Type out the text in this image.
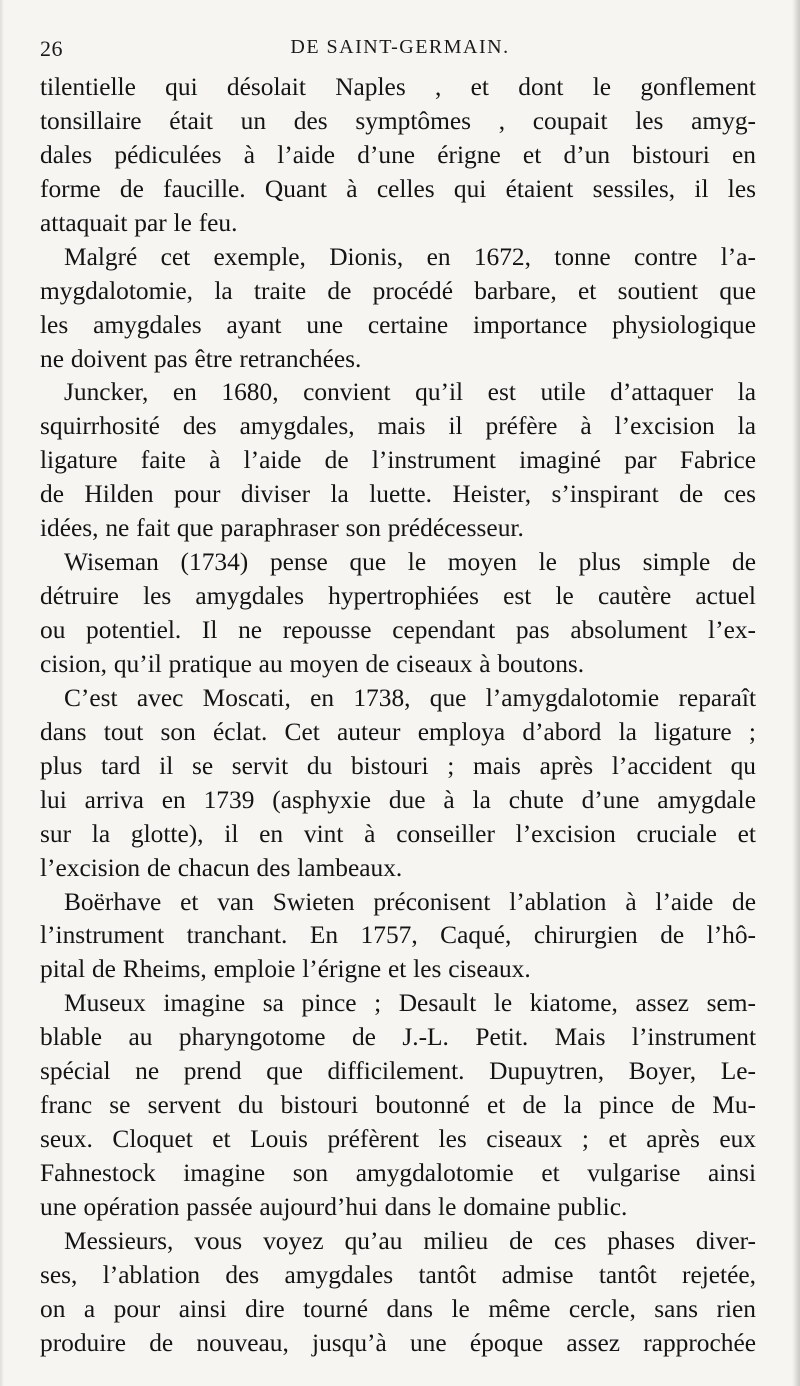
26	DE SAINT-GERMAIN.
tilentielle qui désolait Naples , et dont le gonflement
tonsillaire était un des symptômes , coupait les amyg-
dales pédiculées à l’aide d’une érigne et d’un bistouri en
forme de faucille. Quant à celles qui étaient sessiles, il les
attaquait par le feu.
Malgré cet exemple, Dionis, en 1672, tonne contre l’a-
mygdalotomie, la traite de procédé barbare, et soutient que
les amygdales ayant une certaine importance physiologique
ne doivent pas être retranchées.
Juncker, en 1680, convient qu’il est utile d’attaquer la
squirrhosité des amygdales, mais il préfère à l’excision la
ligature faite à l’aide de l’instrument imaginé par Fabrice
de Hilden pour diviser la luette. Heister, s’inspirant de ces
idées, ne fait que paraphraser son prédécesseur.
Wiseman (1734) pense que le moyen le plus simple de
détruire les amygdales hypertrophiées est le cautère actuel
ou potentiel. Il ne repousse cependant pas absolument l’ex-
cision, qu’il pratique au moyen de ciseaux à boutons.
C’est avec Moscati, en 1738, que l’amygdalotomie reparaît
dans tout son éclat. Cet auteur employa d’abord la ligature ;
plus tard il se servit du bistouri ; mais après l’accident qu
lui arriva en 1739 (asphyxie due à la chute d’une amygdale
sur la glotte), il en vint à conseiller l’excision cruciale et
l’excision de chacun des lambeaux.
Boërhave et van Swieten préconisent l’ablation à l’aide de
l’instrument tranchant. En 1757, Caqué, chirurgien de l’hô-
pital de Rheims, emploie l’érigne et les ciseaux.
Museux imagine sa pince ; Desault le kiatome, assez sem-
blable au pharyngotome de J.-L. Petit. Mais l’instrument
spécial ne prend que difficilement. Dupuytren, Boyer, Le-
franc se servent du bistouri boutonné et de la pince de Mu-
seux. Cloquet et Louis préfèrent les ciseaux ; et après eux
Fahnestock imagine son amygdalotomie et vulgarise ainsi
une opération passée aujourd’hui dans le domaine public.
Messieurs, vous voyez qu’au milieu de ces phases diver-
ses, l’ablation des amygdales tantôt admise tantôt rejetée,
on a pour ainsi dire tourné dans le même cercle, sans rien
produire de nouveau, jusqu’à une époque assez rapprochée
